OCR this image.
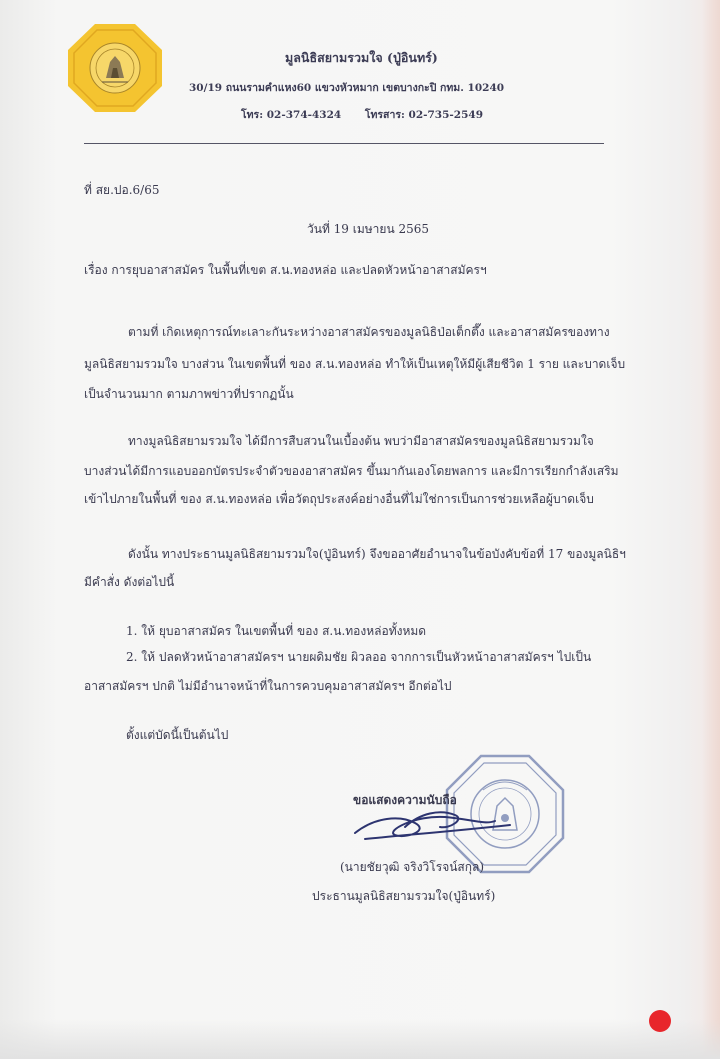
มูลนิธิสยามรวมใจ (ปู่อินทร์)
30/19 ถนนรามคำแหง60 แขวงหัวหมาก เขตบางกะปิ กทม. 10240
โทร: 02-374-4324 โทรสาร: 02-735-2549
ที่ สย.ปอ.6/65
วันที่ 19 เมษายน 2565
เรื่อง การยุบอาสาสมัคร ในพื้นที่เขต ส.น.ทองหล่อ และปลดหัวหน้าอาสาสมัครฯ
ตามที่ เกิดเหตุการณ์ทะเลาะกันระหว่างอาสาสมัครของมูลนิธิป่อเต็กตึ๊ง และอาสาสมัครของทาง
มูลนิธิสยามรวมใจ บางส่วน ในเขตพื้นที่ ของ ส.น.ทองหล่อ ทำให้เป็นเหตุให้มีผู้เสียชีวิต 1 ราย และบาดเจ็บ
เป็นจำนวนมาก ตามภาพข่าวที่ปรากฏนั้น
ทางมูลนิธิสยามรวมใจ ได้มีการสืบสวนในเบื้องต้น พบว่ามีอาสาสมัครของมูลนิธิสยามรวมใจ
บางส่วนได้มีการแอบออกบัตรประจำตัวของอาสาสมัคร ขึ้นมากันเองโดยพลการ และมีการเรียกกำลังเสริม
เข้าไปภายในพื้นที่ ของ ส.น.ทองหล่อ เพื่อวัตถุประสงค์อย่างอื่นที่ไม่ใช่การเป็นการช่วยเหลือผู้บาดเจ็บ
ดังนั้น ทางประธานมูลนิธิสยามรวมใจ(ปู่อินทร์) จึงขออาศัยอำนาจในข้อบังคับข้อที่ 17 ของมูลนิธิฯ
มีคำสั่ง ดังต่อไปนี้
1. ให้ ยุบอาสาสมัคร ในเขตพื้นที่ ของ ส.น.ทองหล่อทั้งหมด
2. ให้ ปลดหัวหน้าอาสาสมัครฯ นายผดิมชัย ผิวลออ จากการเป็นหัวหน้าอาสาสมัครฯ ไปเป็น
อาสาสมัครฯ ปกติ ไม่มีอำนาจหน้าที่ในการควบคุมอาสาสมัครฯ อีกต่อไป
ตั้งแต่บัดนี้เป็นต้นไป
ขอแสดงความนับถือ
(นายชัยวุฒิ จริงวิโรจน์สกุล)
ประธานมูลนิธิสยามรวมใจ(ปู่อินทร์)
